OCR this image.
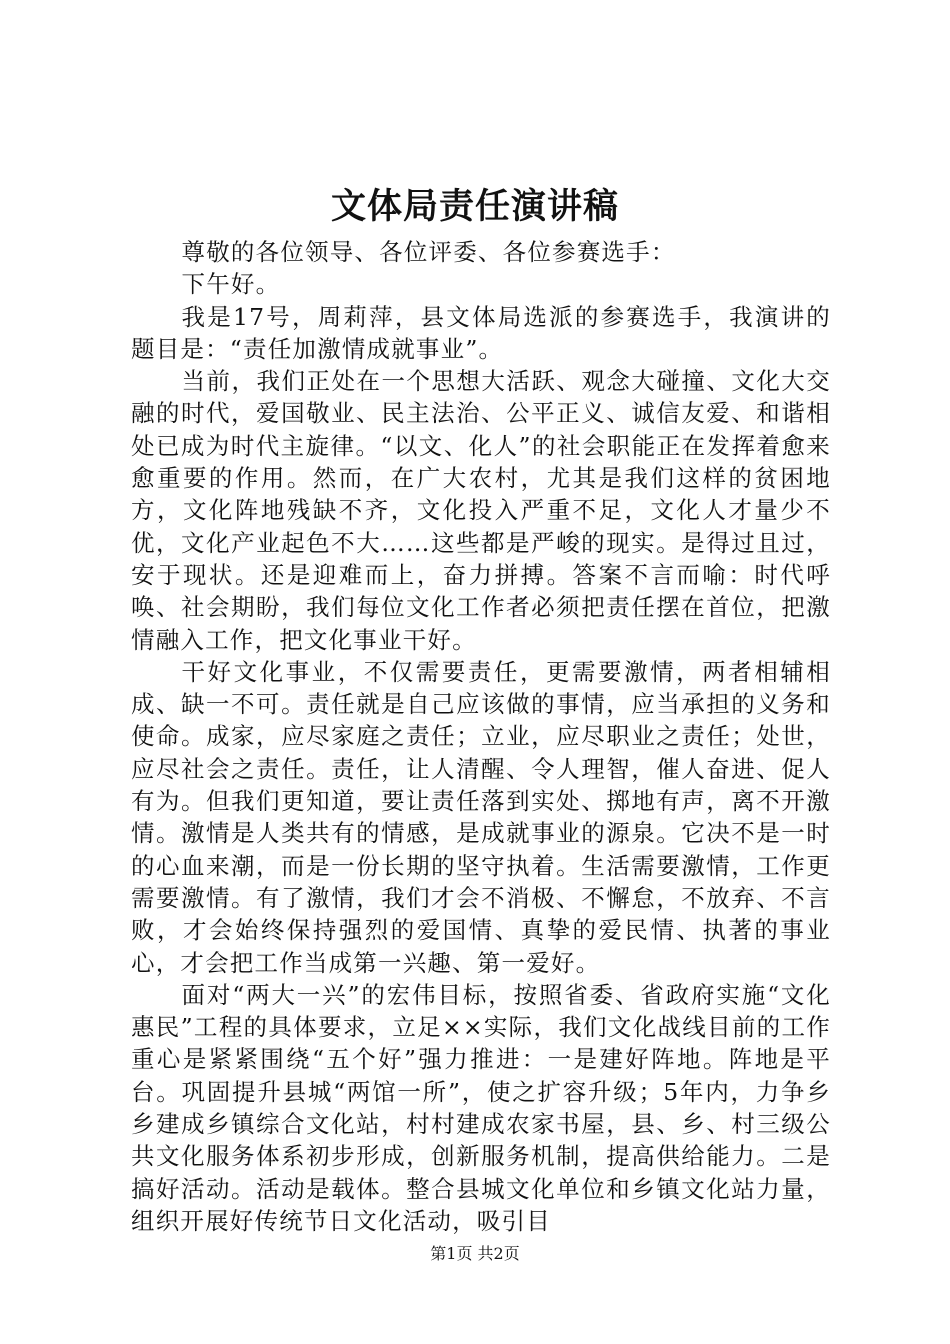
文体局责任演讲稿

尊敬的各位领导、各位评委、各位参赛选手：

下午好。

我是17号，周莉萍，县文体局选派的参赛选手，我演讲的题目是：“责任加激情成就事业”。

当前，我们正处在一个思想大活跃、观念大碰撞、文化大交融的时代，爱国敬业、民主法治、公平正义、诚信友爱、和谐相处已成为时代主旋律。“以文、化人”的社会职能正在发挥着愈来愈重要的作用。然而，在广大农村，尤其是我们这样的贫困地方，文化阵地残缺不齐，文化投入严重不足，文化人才量少不优，文化产业起色不大……这些都是严峻的现实。是得过且过，安于现状。还是迎难而上，奋力拼搏。答案不言而喻：时代呼唤、社会期盼，我们每位文化工作者必须把责任摆在首位，把激情融入工作，把文化事业干好。

干好文化事业，不仅需要责任，更需要激情，两者相辅相成、缺一不可。责任就是自己应该做的事情，应当承担的义务和使命。成家，应尽家庭之责任；立业，应尽职业之责任；处世，应尽社会之责任。责任，让人清醒、令人理智，催人奋进、促人有为。但我们更知道，要让责任落到实处、掷地有声，离不开激情。激情是人类共有的情感，是成就事业的源泉。它决不是一时的心血来潮，而是一份长期的坚守执着。生活需要激情，工作更需要激情。有了激情，我们才会不消极、不懈怠，不放弃、不言败，才会始终保持强烈的爱国情、真挚的爱民情、执著的事业心，才会把工作当成第一兴趣、第一爱好。

面对“两大一兴”的宏伟目标，按照省委、省政府实施“文化惠民”工程的具体要求，立足××实际，我们文化战线目前的工作重心是紧紧围绕“五个好”强力推进：一是建好阵地。阵地是平台。巩固提升县城“两馆一所”，使之扩容升级；5年内，力争乡乡建成乡镇综合文化站，村村建成农家书屋，县、乡、村三级公共文化服务体系初步形成，创新服务机制，提高供给能力。二是搞好活动。活动是载体。整合县城文化单位和乡镇文化站力量，组织开展好传统节日文化活动，吸引目

第1页 共2页
